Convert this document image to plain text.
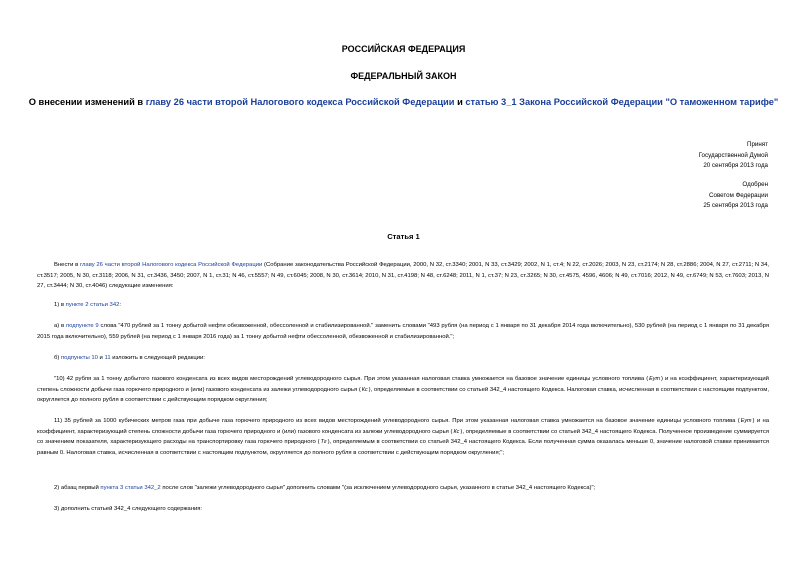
РОССИЙСКАЯ ФЕДЕРАЦИЯ
ФЕДЕРАЛЬНЫЙ ЗАКОН
О внесении изменений в главу 26 части второй Налогового кодекса Российской Федерации и статью 3_1 Закона Российской Федерации "О таможенном тарифе"
Принят
Государственной Думой
20 сентября 2013 года
Одобрен
Советом Федерации
25 сентября 2013 года
Статья 1
Внести в главу 26 части второй Налогового кодекса Российской Федерации (Собрание законодательства Российской Федерации, 2000, N 32, ст.3340; 2001, N 33, ст.3429; 2002, N 1, ст.4; N 22, ст.2026; 2003, N 23, ст.2174; N 28, ст.2886; 2004, N 27, ст.2711; N 34, ст.3517; 2005, N 30, ст.3118; 2006, N 31, ст.3436, 3450; 2007, N 1, ст.31; N 46, ст.5557; N 49, ст.6045; 2008, N 30, ст.3614; 2010, N 31, ст.4198; N 48, ст.6248; 2011, N 1, ст.37; N 23, ст.3265; N 30, ст.4575, 4596, 4606; N 49, ст.7016; 2012, N 49, ст.6749; N 53, ст.7603; 2013, N 27, ст.3444; N 30, ст.4046) следующие изменения:
1) в пункте 2 статьи 342:
а) в подпункте 9 слова "470 рублей за 1 тонну добытой нефти обезвоженной, обессоленной и стабилизированной." заменить словами "493 рубля (на период с 1 января по 31 декабря 2014 года включительно), 530 рублей (на период с 1 января по 31 декабря 2015 года включительно), 559 рублей (на период с 1 января 2016 года) за 1 тонну добытой нефти обессоленной, обезвоженной и стабилизированной.";
б) подпункты 10 и 11 изложить в следующей редакции:
"10) 42 рубля за 1 тонну добытого газового конденсата из всех видов месторождений углеводородного сырья. При этом указанная налоговая ставка умножается на базовое значение единицы условного топлива (Еут) и на коэффициент, характеризующий степень сложности добычи газа горючего природного и (или) газового конденсата из залежи углеводородного сырья (Кс), определяемые в соответствии со статьей 342_4 настоящего Кодекса. Налоговая ставка, исчисленная в соответствии с настоящим подпунктом, округляется до полного рубля в соответствии с действующим порядком округления;
11) 35 рублей за 1000 кубических метров газа при добыче газа горючего природного из всех видов месторождений углеводородного сырья. При этом указанная налоговая ставка умножается на базовое значение единицы условного топлива (Еут) и на коэффициент, характеризующий степень сложности добычи газа горючего природного и (или) газового конденсата из залежи углеводородного сырья (Кс), определяемые в соответствии со статьей 342_4 настоящего Кодекса. Полученное произведение суммируется со значением показателя, характеризующего расходы на транспортировку газа горючего природного (Тг), определяемым в соответствии со статьей 342_4 настоящего Кодекса. Если полученная сумма оказалась меньше 0, значение налоговой ставки принимается равным 0. Налоговая ставка, исчисленная в соответствии с настоящим подпунктом, округляется до полного рубля в соответствии с действующим порядком округления;";
2) абзац первый пункта 3 статьи 342_2 после слов "залежи углеводородного сырья" дополнить словами "(за исключением углеводородного сырья, указанного в статье 342_4 настоящего Кодекса)";
3) дополнить статьей 342_4 следующего содержания:
